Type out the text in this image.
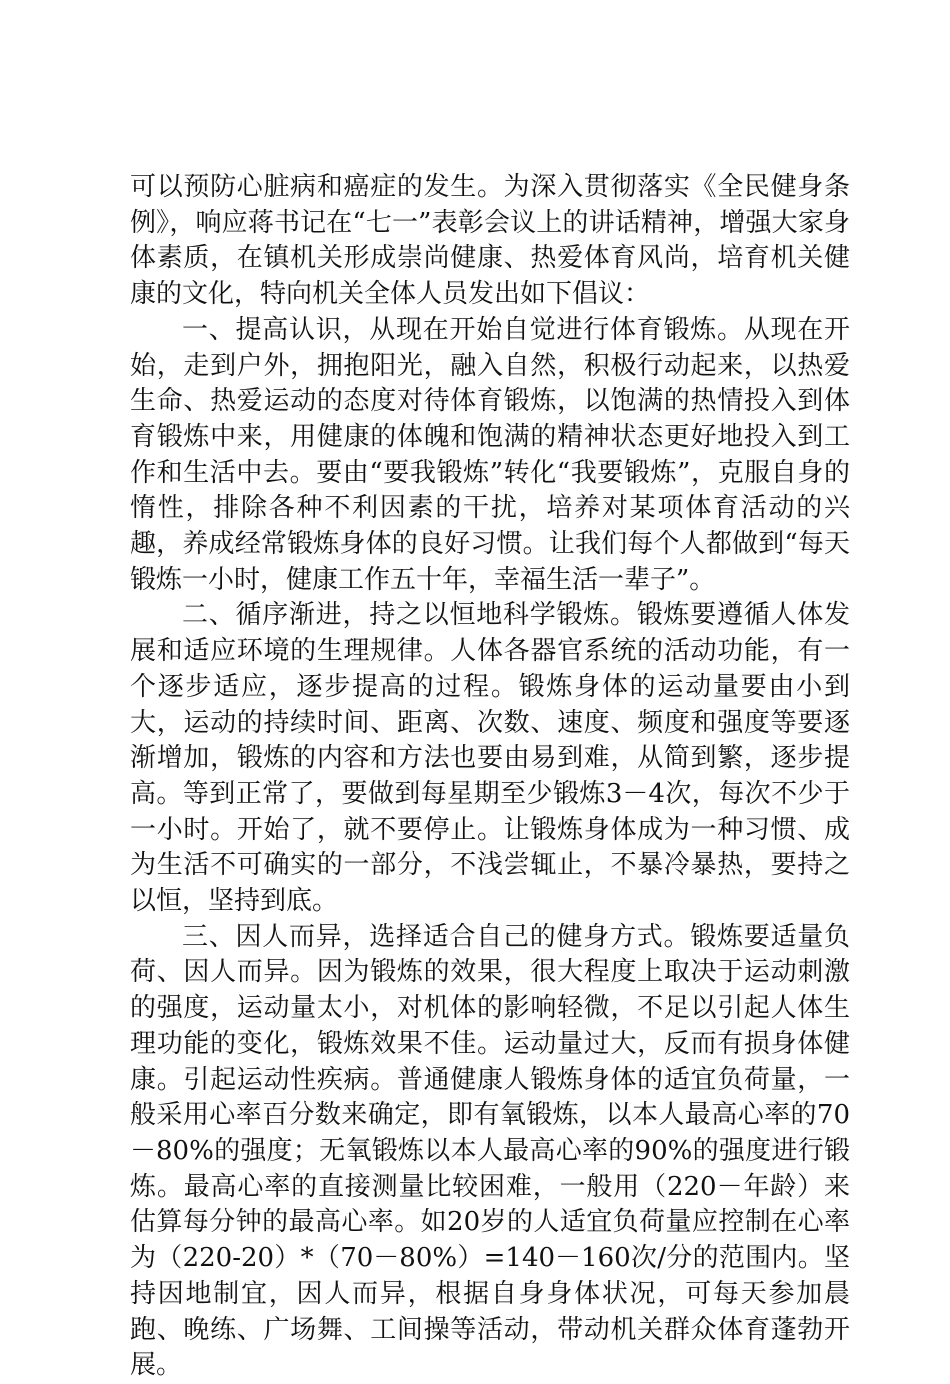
可以预防心脏病和癌症的发生。为深入贯彻落实《全民健身条例》，响应蒋书记在“七一”表彰会议上的讲话精神，增强大家身体素质，在镇机关形成崇尚健康、热爱体育风尚，培育机关健康的文化，特向机关全体人员发出如下倡议：

一、提高认识，从现在开始自觉进行体育锻炼。从现在开始，走到户外，拥抱阳光，融入自然，积极行动起来，以热爱生命、热爱运动的态度对待体育锻炼，以饱满的热情投入到体育锻炼中来，用健康的体魄和饱满的精神状态更好地投入到工作和生活中去。要由“要我锻炼”转化“我要锻炼”，克服自身的惰性，排除各种不利因素的干扰，培养对某项体育活动的兴趣，养成经常锻炼身体的良好习惯。让我们每个人都做到“每天锻炼一小时，健康工作五十年，幸福生活一辈子”。

二、循序渐进，持之以恒地科学锻炼。锻炼要遵循人体发展和适应环境的生理规律。人体各器官系统的活动功能，有一个逐步适应，逐步提高的过程。锻炼身体的运动量要由小到大，运动的持续时间、距离、次数、速度、频度和强度等要逐渐增加，锻炼的内容和方法也要由易到难，从简到繁，逐步提高。等到正常了，要做到每星期至少锻炼3－4次，每次不少于一小时。开始了，就不要停止。让锻炼身体成为一种习惯、成为生活不可确实的一部分，不浅尝辄止，不暴冷暴热，要持之以恒，坚持到底。

三、因人而异，选择适合自己的健身方式。锻炼要适量负荷、因人而异。因为锻炼的效果，很大程度上取决于运动刺激的强度，运动量太小，对机体的影响轻微，不足以引起人体生理功能的变化，锻炼效果不佳。运动量过大，反而有损身体健康。引起运动性疾病。普通健康人锻炼身体的适宜负荷量，一般采用心率百分数来确定，即有氧锻炼，以本人最高心率的70－80%的强度；无氧锻炼以本人最高心率的90%的强度进行锻炼。最高心率的直接测量比较困难，一般用（220－年龄）来估算每分钟的最高心率。如20岁的人适宜负荷量应控制在心率为（220-20）*（70－80%）=140－160次/分的范围内。坚持因地制宜，因人而异，根据自身身体状况，可每天参加晨跑、晚练、广场舞、工间操等活动，带动机关群众体育蓬勃开展。
